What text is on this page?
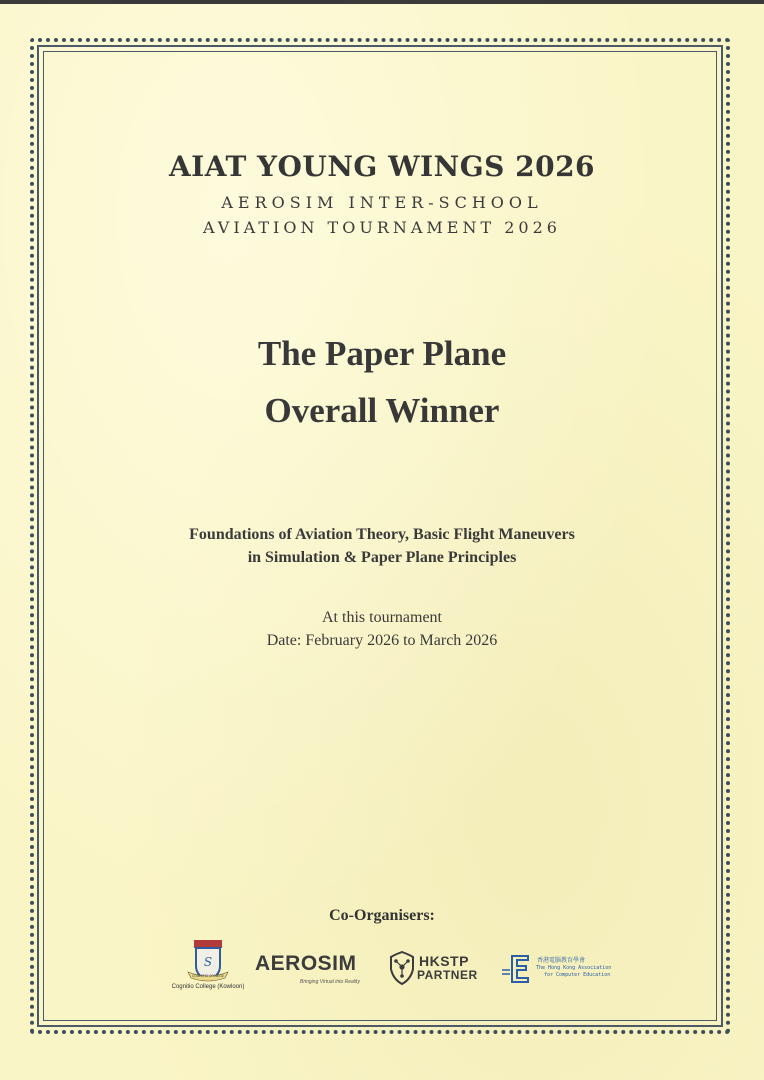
AIAT YOUNG WINGS 2026
AEROSIM INTER-SCHOOL
AVIATION TOURNAMENT 2026
The Paper Plane
Overall Winner
Foundations of Aviation Theory, Basic Flight Maneuvers
in Simulation & Paper Plane Principles
At this tournament
Date: February 2026 to March 2026
Co-Organisers:
S
COGNITIO COLLEGE
Cognitio College (Kowloon)
AEROSIM
Bringing Virtual into Reality
HKSTP
PARTNER
香港電腦教育學會
The Hong Kong Association
for Computer Education
